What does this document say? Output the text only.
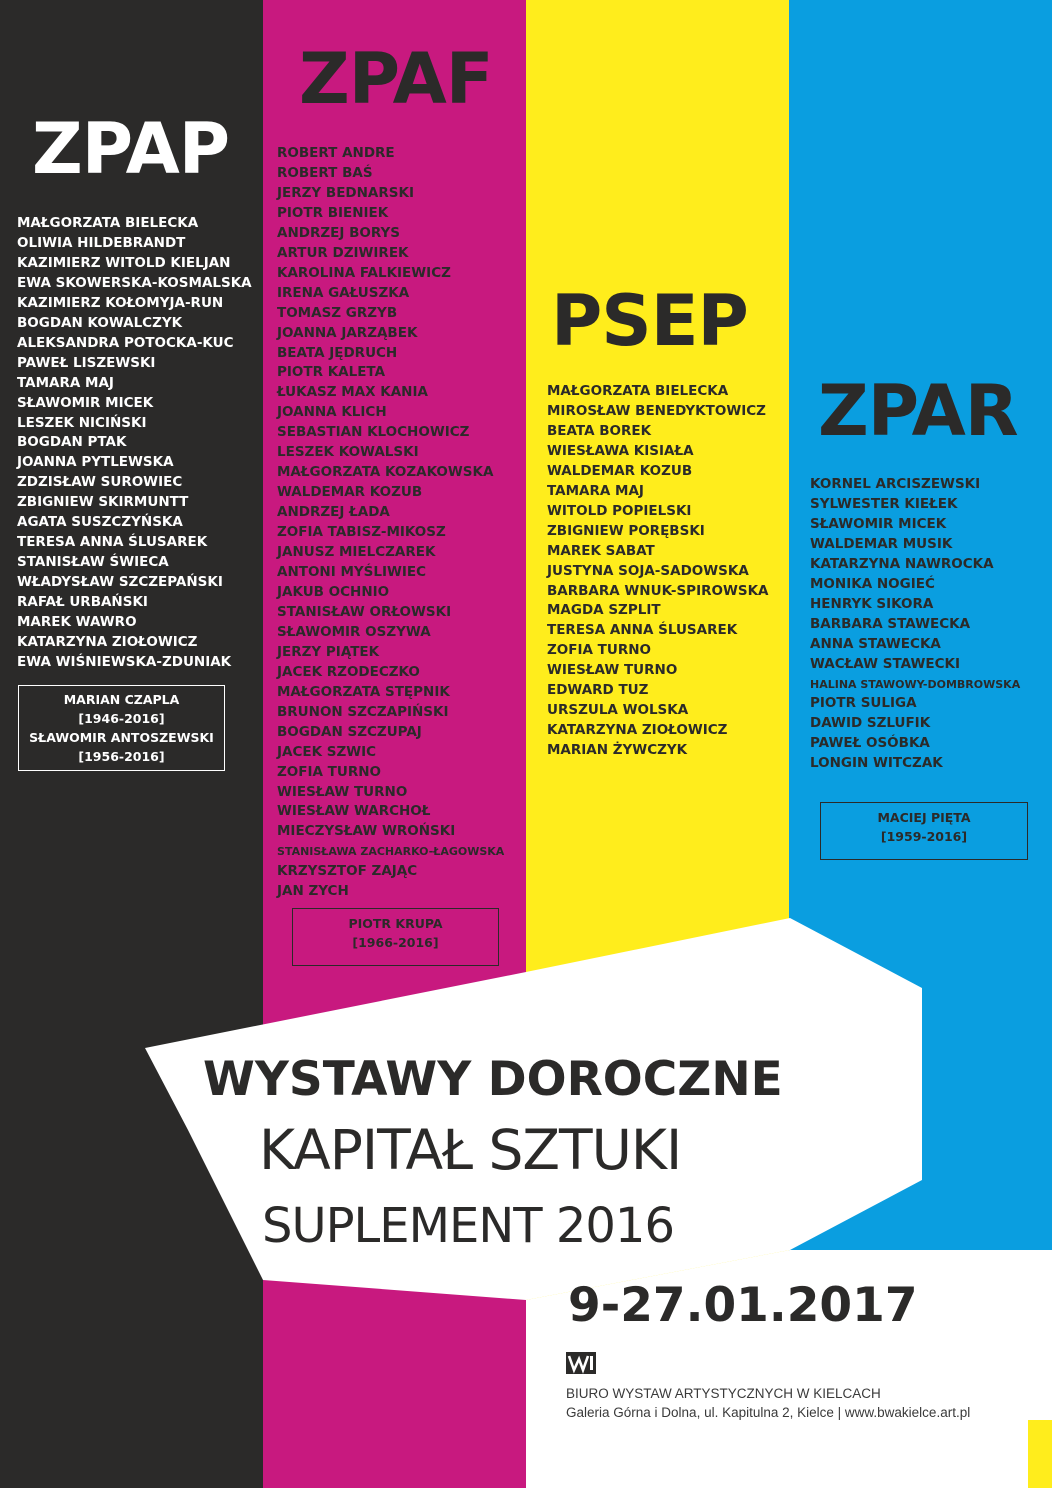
ZPAP
MAŁGORZATA BIELECKA
OLIWIA HILDEBRANDT
KAZIMIERZ WITOLD KIELJAN
EWA SKOWERSKA-KOSMALSKA
KAZIMIERZ KOŁOMYJA-RUN
BOGDAN KOWALCZYK
ALEKSANDRA POTOCKA-KUC
PAWEŁ LISZEWSKI
TAMARA MAJ
SŁAWOMIR MICEK
LESZEK NICIŃSKI
BOGDAN PTAK
JOANNA PYTLEWSKA
ZDZISŁAW SUROWIEC
ZBIGNIEW SKIRMUNTT
AGATA SUSZCZYŃSKA
TERESA ANNA ŚLUSAREK
STANISŁAW ŚWIECA
WŁADYSŁAW SZCZEPAŃSKI
RAFAŁ URBAŃSKI
MAREK WAWRO
KATARZYNA ZIOŁOWICZ
EWA WIŚNIEWSKA-ZDUNIAK
MARIAN CZAPLA
[1946-2016]
SŁAWOMIR ANTOSZEWSKI
[1956-2016]
ZPAF
ROBERT ANDRE
ROBERT BAŚ
JERZY BEDNARSKI
PIOTR BIENIEK
ANDRZEJ BORYS
ARTUR DZIWIREK
KAROLINA FALKIEWICZ
IRENA GAŁUSZKA
TOMASZ GRZYB
JOANNA JARZĄBEK
BEATA JĘDRUCH
PIOTR KALETA
ŁUKASZ MAX KANIA
JOANNA KLICH
SEBASTIAN KLOCHOWICZ
LESZEK KOWALSKI
MAŁGORZATA KOZAKOWSKA
WALDEMAR KOZUB
ANDRZEJ ŁADA
ZOFIA TABISZ-MIKOSZ
JANUSZ MIELCZAREK
ANTONI MYŚLIWIEC
JAKUB OCHNIO
STANISŁAW ORŁOWSKI
SŁAWOMIR OSZYWA
JERZY PIĄTEK
JACEK RZODECZKO
MAŁGORZATA STĘPNIK
BRUNON SZCZAPIŃSKI
BOGDAN SZCZUPAJ
JACEK SZWIC
ZOFIA TURNO
WIESŁAW TURNO
WIESŁAW WARCHOŁ
MIECZYSŁAW WROŃSKI
STANISŁAWA ZACHARKO-ŁAGOWSKA
KRZYSZTOF ZAJĄC
JAN ZYCH
PIOTR KRUPA
[1966-2016]
PSEP
MAŁGORZATA BIELECKA
MIROSŁAW BENEDYKTOWICZ
BEATA BOREK
WIESŁAWA KISIAŁA
WALDEMAR KOZUB
TAMARA MAJ
WITOLD POPIELSKI
ZBIGNIEW PORĘBSKI
MAREK SABAT
JUSTYNA SOJA-SADOWSKA
BARBARA WNUK-SPIROWSKA
MAGDA SZPLIT
TERESA ANNA ŚLUSAREK
ZOFIA TURNO
WIESŁAW TURNO
EDWARD TUZ
URSZULA WOLSKA
KATARZYNA ZIOŁOWICZ
MARIAN ŻYWCZYK
ZPAR
KORNEL ARCISZEWSKI
SYLWESTER KIEŁEK
SŁAWOMIR MICEK
WALDEMAR MUSIK
KATARZYNA NAWROCKA
MONIKA NOGIEĆ
HENRYK SIKORA
BARBARA STAWECKA
ANNA STAWECKA
WACŁAW STAWECKI
HALINA STAWOWY-DOMBROWSKA
PIOTR SULIGA
DAWID SZLUFIK
PAWEŁ OSÓBKA
LONGIN WITCZAK
MACIEJ PIĘTA
[1959-2016]
WYSTAWY DOROCZNE
KAPITAŁ SZTUKI
SUPLEMENT 2016
9-27.01.2017
BIURO WYSTAW ARTYSTYCZNYCH W KIELCACH
Galeria Górna i Dolna, ul. Kapitulna 2, Kielce | www.bwakielce.art.pl
